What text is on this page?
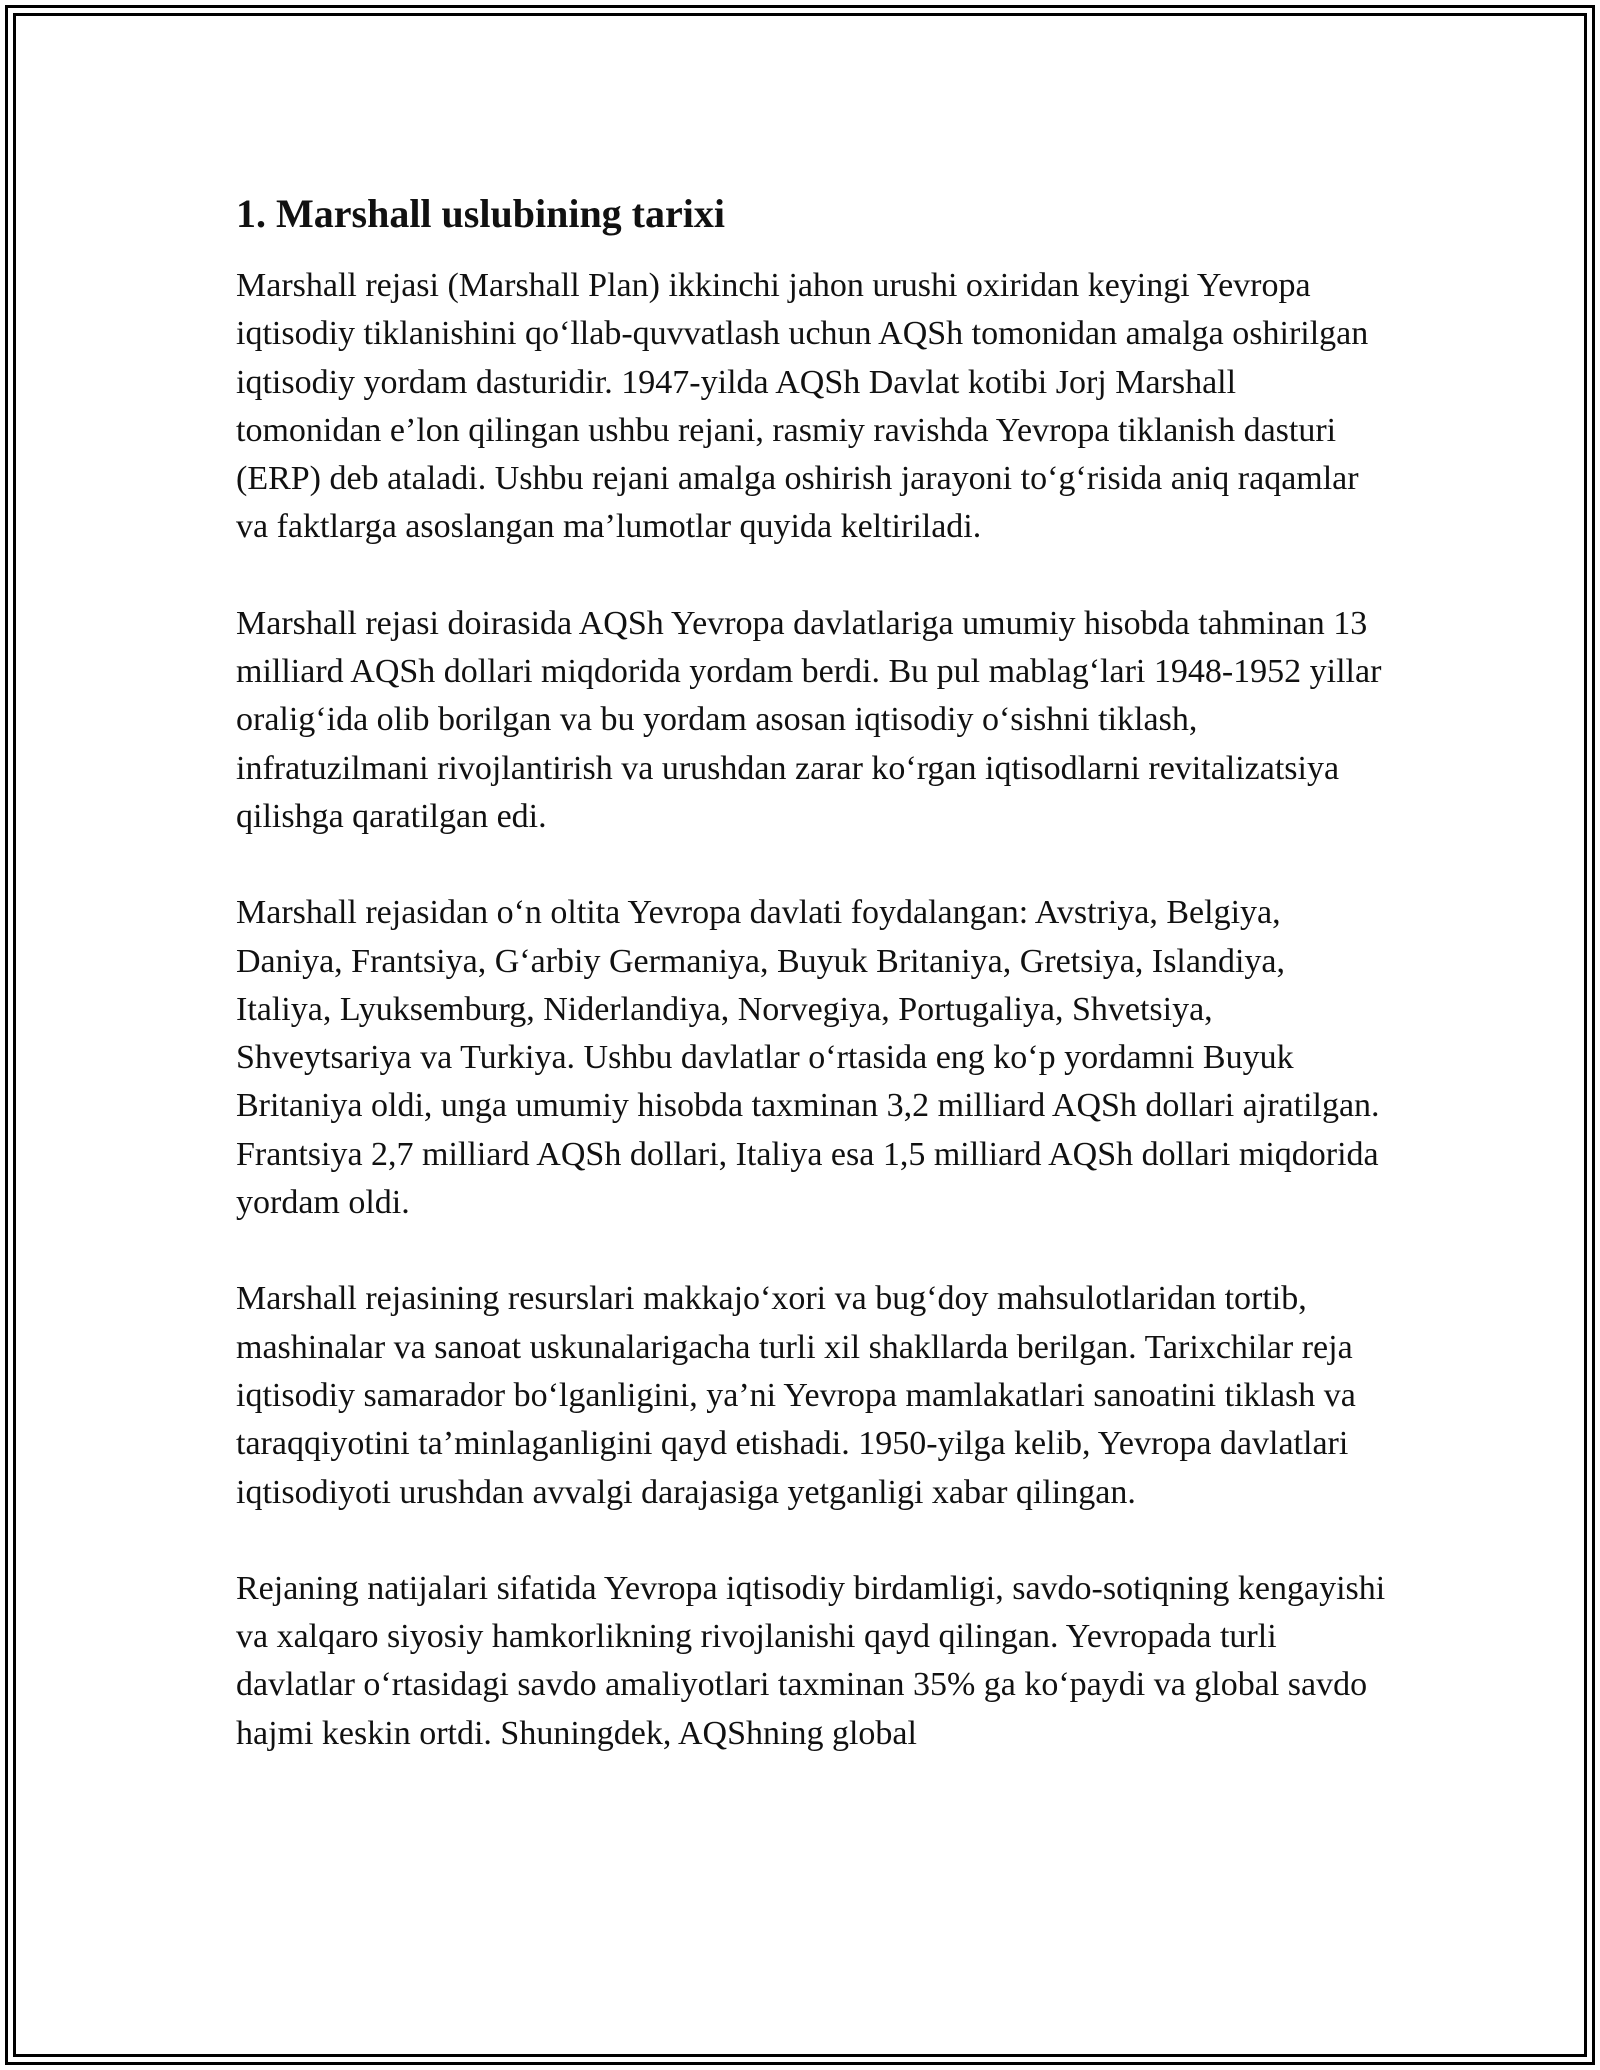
1. Marshall uslubining tarixi

Marshall rejasi (Marshall Plan) ikkinchi jahon urushi oxiridan keyingi Yevropa iqtisodiy tiklanishini qo‘llab-quvvatlash uchun AQSh tomonidan amalga oshirilgan iqtisodiy yordam dasturidir. 1947-yilda AQSh Davlat kotibi Jorj Marshall tomonidan e’lon qilingan ushbu rejani, rasmiy ravishda Yevropa tiklanish dasturi (ERP) deb ataladi. Ushbu rejani amalga oshirish jarayoni to‘g‘risida aniq raqamlar va faktlarga asoslangan ma’lumotlar quyida keltiriladi.

Marshall rejasi doirasida AQSh Yevropa davlatlariga umumiy hisobda tahminan 13 milliard AQSh dollari miqdorida yordam berdi. Bu pul mablag‘lari 1948-1952 yillar oralig‘ida olib borilgan va bu yordam asosan iqtisodiy o‘sishni tiklash, infratuzilmani rivojlantirish va urushdan zarar ko‘rgan iqtisodlarni revitalizatsiya qilishga qaratilgan edi.

Marshall rejasidan o‘n oltita Yevropa davlati foydalangan: Avstriya, Belgiya, Daniya, Frantsiya, G‘arbiy Germaniya, Buyuk Britaniya, Gretsiya, Islandiya, Italiya, Lyuksemburg, Niderlandiya, Norvegiya, Portugaliya, Shvetsiya, Shveytsariya va Turkiya. Ushbu davlatlar o‘rtasida eng ko‘p yordamni Buyuk Britaniya oldi, unga umumiy hisobda taxminan 3,2 milliard AQSh dollari ajratilgan. Frantsiya 2,7 milliard AQSh dollari, Italiya esa 1,5 milliard AQSh dollari miqdorida yordam oldi.

Marshall rejasining resurslari makkajo‘xori va bug‘doy mahsulotlaridan tortib, mashinalar va sanoat uskunalarigacha turli xil shakllarda berilgan. Tarixchilar reja iqtisodiy samarador bo‘lganligini, ya’ni Yevropa mamlakatlari sanoatini tiklash va taraqqiyotini ta’minlaganligini qayd etishadi. 1950-yilga kelib, Yevropa davlatlari iqtisodiyoti urushdan avvalgi darajasiga yetganligi xabar qilingan.

Rejaning natijalari sifatida Yevropa iqtisodiy birdamligi, savdo-sotiqning kengayishi va xalqaro siyosiy hamkorlikning rivojlanishi qayd qilingan. Yevropada turli davlatlar o‘rtasidagi savdo amaliyotlari taxminan 35% ga ko‘paydi va global savdo hajmi keskin ortdi. Shuningdek, AQShning global
